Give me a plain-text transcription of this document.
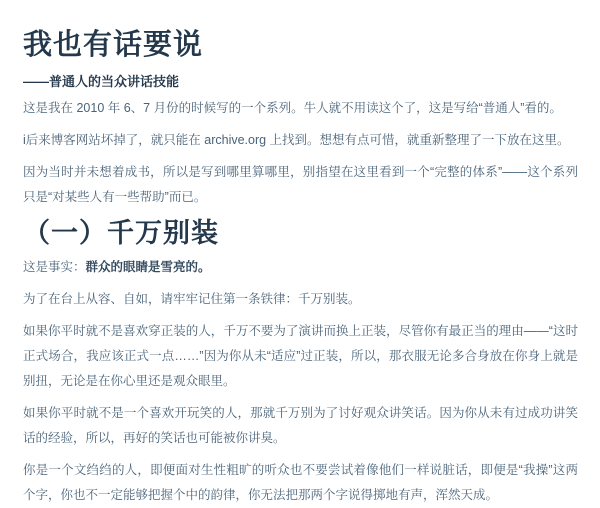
我也有话要说
——普通人的当众讲话技能

这是我在 2010 年 6、7 月份的时候写的一个系列。牛人就不用读这个了，这是写给“普通人”看的。

i后来博客网站坏掉了，就只能在 archive.org 上找到。想想有点可惜，就重新整理了一下放在这里。

因为当时并未想着成书，所以是写到哪里算哪里，别指望在这里看到一个“完整的体系”——这个系列只是“对某些人有一些帮助”而已。

（一）千万别装

这是事实：群众的眼睛是雪亮的。

为了在台上从容、自如，请牢牢记住第一条铁律：千万别装。

如果你平时就不是喜欢穿正装的人，千万不要为了演讲而换上正装，尽管你有最正当的理由——“这时正式场合，我应该正式一点……”因为你从未“适应”过正装，所以，那衣服无论多合身放在你身上就是别扭，无论是在你心里还是观众眼里。

如果你平时就不是一个喜欢开玩笑的人，那就千万别为了讨好观众讲笑话。因为你从未有过成功讲笑话的经验，所以，再好的笑话也可能被你讲臭。

你是一个文绉绉的人，即便面对生性粗旷的听众也不要尝试着像他们一样说脏话，即便是“我操”这两个字，你也不一定能够把握个中的韵律，你无法把那两个字说得掷地有声，浑然天成。
